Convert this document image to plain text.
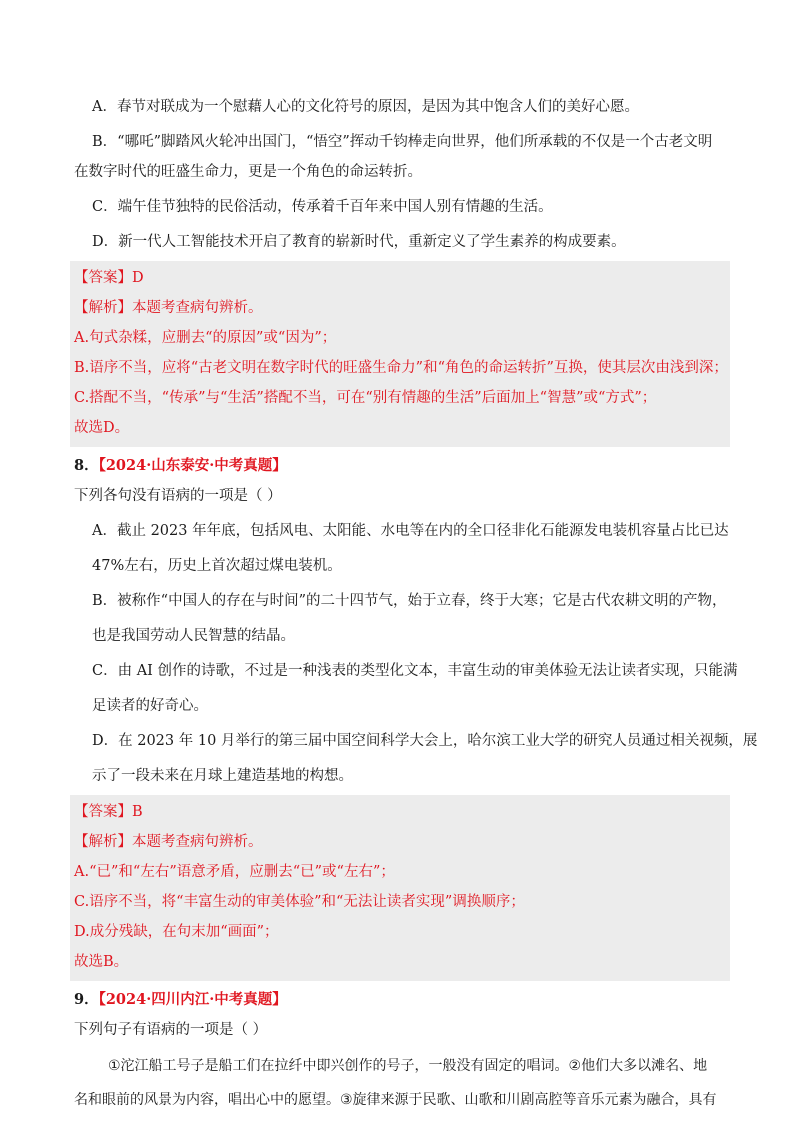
A．春节对联成为一个慰藉人心的文化符号的原因，是因为其中饱含人们的美好心愿。
B．“哪吒”脚踏风火轮冲出国门，“悟空”挥动千钧棒走向世界，他们所承载的不仅是一个古老文明
在数字时代的旺盛生命力，更是一个角色的命运转折。
C．端午佳节独特的民俗活动，传承着千百年来中国人别有情趣的生活。
D．新一代人工智能技术开启了教育的崭新时代，重新定义了学生素养的构成要素。
【答案】D
【解析】本题考查病句辨析。
A.句式杂糅，应删去“的原因”或“因为”；
B.语序不当，应将“古老文明在数字时代的旺盛生命力”和“角色的命运转折”互换，使其层次由浅到深；
C.搭配不当，“传承”与“生活”搭配不当，可在“别有情趣的生活”后面加上“智慧”或“方式”；
故选D。
8．【2024·山东泰安·中考真题】
下列各句没有语病的一项是（ ）
A．截止 2023 年年底，包括风电、太阳能、水电等在内的全口径非化石能源发电装机容量占比已达
47%左右，历史上首次超过煤电装机。
B．被称作“中国人的存在与时间”的二十四节气，始于立春，终于大寒；它是古代农耕文明的产物，
也是我国劳动人民智慧的结晶。
C．由 AI 创作的诗歌，不过是一种浅表的类型化文本，丰富生动的审美体验无法让读者实现，只能满
足读者的好奇心。
D．在 2023 年 10 月举行的第三届中国空间科学大会上，哈尔滨工业大学的研究人员通过相关视频，展
示了一段未来在月球上建造基地的构想。
【答案】B
【解析】本题考查病句辨析。
A.“已”和“左右”语意矛盾，应删去“已”或“左右”；
C.语序不当，将“丰富生动的审美体验”和“无法让读者实现”调换顺序；
D.成分残缺，在句末加“画面”；
故选B。
9．【2024·四川内江·中考真题】
下列句子有语病的一项是（ ）
①沱江船工号子是船工们在拉纤中即兴创作的号子，一般没有固定的唱词。②他们大多以滩名、地
名和眼前的风景为内容，唱出心中的愿望。③旋律来源于民歌、山歌和川剧高腔等音乐元素为融合，具有
